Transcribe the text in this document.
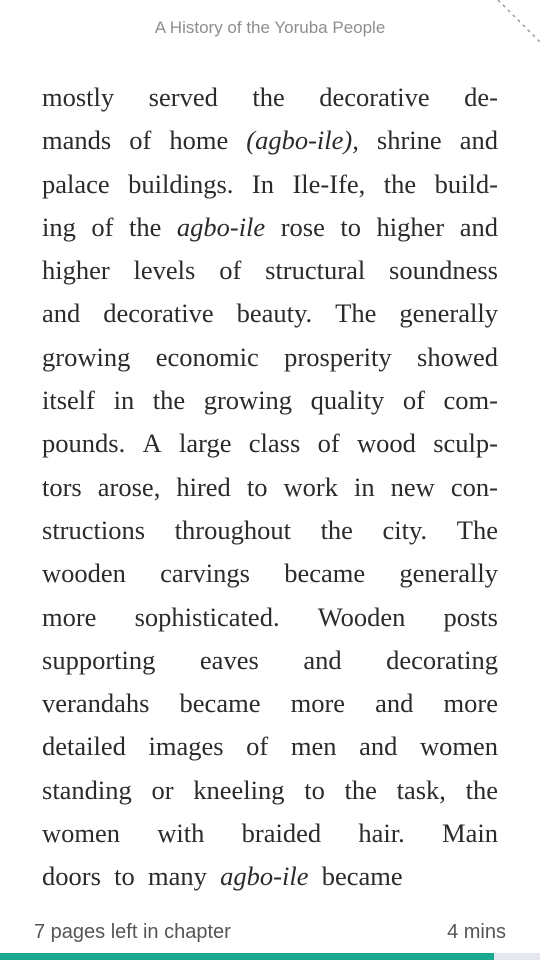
A History of the Yoruba People
mostly served the decorative de-
mands of home (agbo-ile), shrine and
palace buildings. In Ile-Ife, the build-
ing of the agbo-ile rose to higher and
higher levels of structural soundness
and decorative beauty. The generally
growing economic prosperity showed
itself in the growing quality of com-
pounds. A large class of wood sculp-
tors arose, hired to work in new con-
structions throughout the city. The
wooden carvings became generally
more sophisticated. Wooden posts
supporting eaves and decorating
verandahs became more and more
detailed images of men and women
standing or kneeling to the task, the
women with braided hair. Main
doors to many agbo-ile became
7 pages left in chapter	4 mins
